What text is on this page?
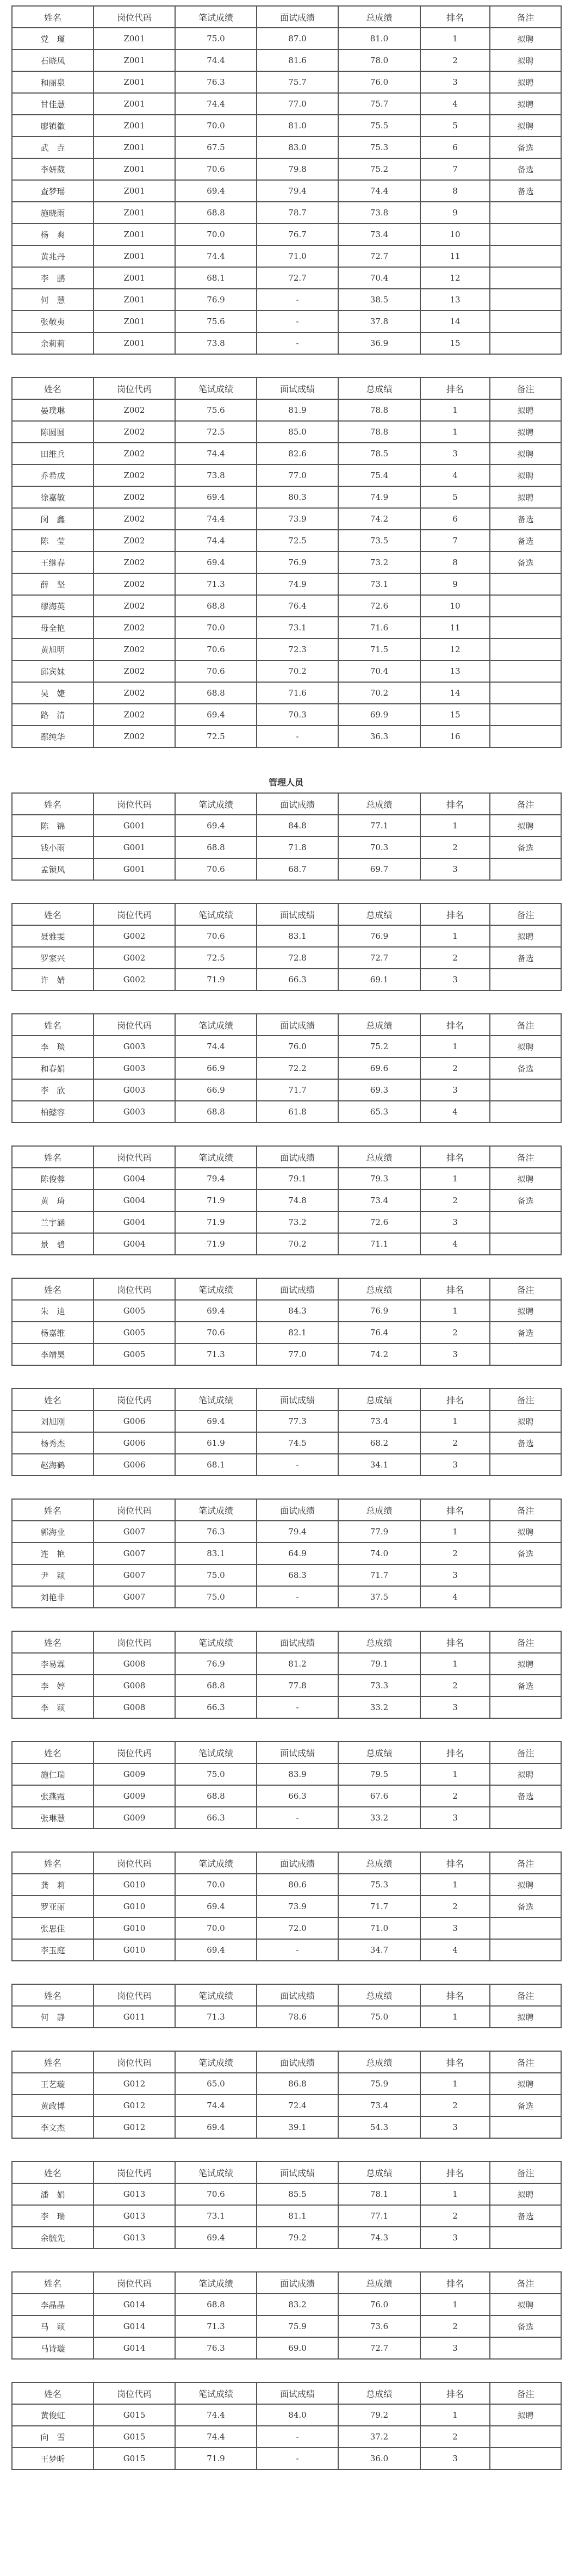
姓名	岗位代码	笔试成绩	面试成绩	总成绩	排名	备注
党　瑾	Z001	75.0	87.0	81.0	1	拟聘
石晓凤	Z001	74.4	81.6	78.0	2	拟聘
和丽泉	Z001	76.3	75.7	76.0	3	拟聘
甘佳慧	Z001	74.4	77.0	75.7	4	拟聘
廖镇徽	Z001	70.0	81.0	75.5	5	拟聘
武　垚	Z001	67.5	83.0	75.3	6	备选
李妍葳	Z001	70.6	79.8	75.2	7	备选
查梦瑶	Z001	69.4	79.4	74.4	8	备选
施晓雨	Z001	68.8	78.7	73.8	9	
杨　爽	Z001	70.0	76.7	73.4	10	
黄兆丹	Z001	74.4	71.0	72.7	11	
李　鹏	Z001	68.1	72.7	70.4	12	
何　慧	Z001	76.9	-	38.5	13	
张敬夷	Z001	75.6	-	37.8	14	
余莉莉	Z001	73.8	-	36.9	15	
姓名	岗位代码	笔试成绩	面试成绩	总成绩	排名	备注
晏璞琳	Z002	75.6	81.9	78.8	1	拟聘
陈圆圆	Z002	72.5	85.0	78.8	1	拟聘
田维兵	Z002	74.4	82.6	78.5	3	拟聘
乔希成	Z002	73.8	77.0	75.4	4	拟聘
徐嘉敏	Z002	69.4	80.3	74.9	5	拟聘
闵　鑫	Z002	74.4	73.9	74.2	6	备选
陈　莹	Z002	74.4	72.5	73.5	7	备选
王继春	Z002	69.4	76.9	73.2	8	备选
薛　坚	Z002	71.3	74.9	73.1	9	
缪海英	Z002	68.8	76.4	72.6	10	
母全艳	Z002	70.0	73.1	71.6	11	
黄旭明	Z002	70.6	72.3	71.5	12	
邱宾妹	Z002	70.6	70.2	70.4	13	
吴　婕	Z002	68.8	71.6	70.2	14	
路　清	Z002	69.4	70.3	69.9	15	
鄢纯华	Z002	72.5	-	36.3	16	
管理人员
姓名	岗位代码	笔试成绩	面试成绩	总成绩	排名	备注
陈　锦	G001	69.4	84.8	77.1	1	拟聘
钱小雨	G001	68.8	71.8	70.3	2	备选
孟锁风	G001	70.6	68.7	69.7	3	
姓名	岗位代码	笔试成绩	面试成绩	总成绩	排名	备注
聂雅雯	G002	70.6	83.1	76.9	1	拟聘
罗家兴	G002	72.5	72.8	72.7	2	备选
许　婧	G002	71.9	66.3	69.1	3	
姓名	岗位代码	笔试成绩	面试成绩	总成绩	排名	备注
李　琰	G003	74.4	76.0	75.2	1	拟聘
和春娟	G003	66.9	72.2	69.6	2	备选
李　欣	G003	66.9	71.7	69.3	3	
柏懿容	G003	68.8	61.8	65.3	4	
姓名	岗位代码	笔试成绩	面试成绩	总成绩	排名	备注
陈俊蓉	G004	79.4	79.1	79.3	1	拟聘
黄　琦	G004	71.9	74.8	73.4	2	备选
兰宇涵	G004	71.9	73.2	72.6	3	
景　碧	G004	71.9	70.2	71.1	4	
姓名	岗位代码	笔试成绩	面试成绩	总成绩	排名	备注
朱　迪	G005	69.4	84.3	76.9	1	拟聘
杨嘉维	G005	70.6	82.1	76.4	2	备选
李靖昊	G005	71.3	77.0	74.2	3	
姓名	岗位代码	笔试成绩	面试成绩	总成绩	排名	备注
刘旭刚	G006	69.4	77.3	73.4	1	拟聘
杨秀杰	G006	61.9	74.5	68.2	2	备选
赵海鹤	G006	68.1	-	34.1	3	
姓名	岗位代码	笔试成绩	面试成绩	总成绩	排名	备注
郭海业	G007	76.3	79.4	77.9	1	拟聘
连　艳	G007	83.1	64.9	74.0	2	备选
尹　颖	G007	75.0	68.3	71.7	3	
刘艳非	G007	75.0	-	37.5	4	
姓名	岗位代码	笔试成绩	面试成绩	总成绩	排名	备注
李易霖	G008	76.9	81.2	79.1	1	拟聘
李　婷	G008	68.8	77.8	73.3	2	备选
李　颖	G008	66.3	-	33.2	3	
姓名	岗位代码	笔试成绩	面试成绩	总成绩	排名	备注
施仁瑞	G009	75.0	83.9	79.5	1	拟聘
张燕霞	G009	68.8	66.3	67.6	2	备选
张琳慧	G009	66.3	-	33.2	3	
姓名	岗位代码	笔试成绩	面试成绩	总成绩	排名	备注
龚　莉	G010	70.0	80.6	75.3	1	拟聘
罗亚丽	G010	69.4	73.9	71.7	2	备选
张思佳	G010	70.0	72.0	71.0	3	
李玉庭	G010	69.4	-	34.7	4	
姓名	岗位代码	笔试成绩	面试成绩	总成绩	排名	备注
何　静	G011	71.3	78.6	75.0	1	拟聘
姓名	岗位代码	笔试成绩	面试成绩	总成绩	排名	备注
王艺璇	G012	65.0	86.8	75.9	1	拟聘
黄政博	G012	74.4	72.4	73.4	2	备选
李文杰	G012	69.4	39.1	54.3	3	
姓名	岗位代码	笔试成绩	面试成绩	总成绩	排名	备注
潘　娟	G013	70.6	85.5	78.1	1	拟聘
李　瑞	G013	73.1	81.1	77.1	2	备选
余毓先	G013	69.4	79.2	74.3	3	
姓名	岗位代码	笔试成绩	面试成绩	总成绩	排名	备注
李晶晶	G014	68.8	83.2	76.0	1	拟聘
马　颖	G014	71.3	75.9	73.6	2	备选
马诗璇	G014	76.3	69.0	72.7	3	
姓名	岗位代码	笔试成绩	面试成绩	总成绩	排名	备注
黄俊虹	G015	74.4	84.0	79.2	1	拟聘
向　雪	G015	74.4	-	37.2	2	
王梦昕	G015	71.9	-	36.0	3	
